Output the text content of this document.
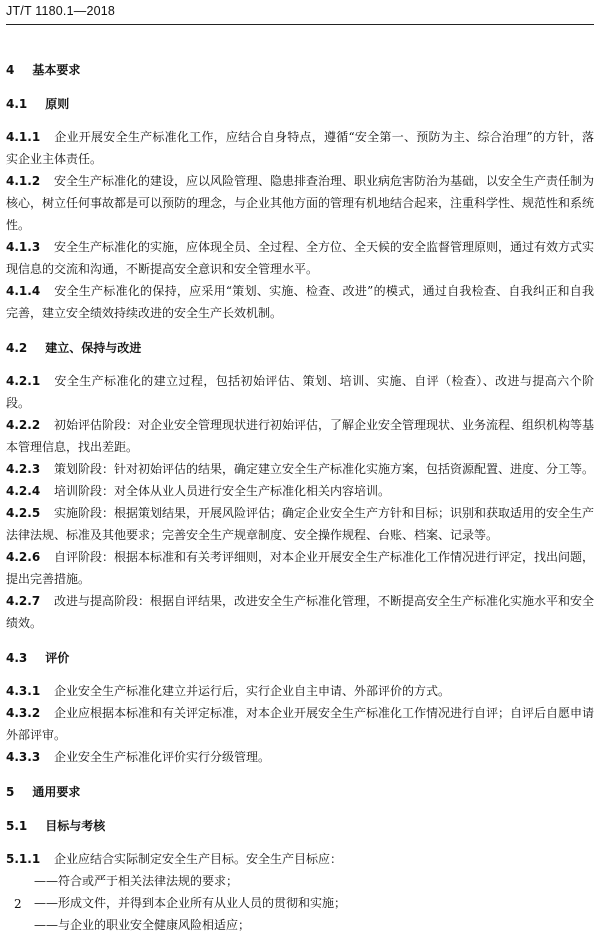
JT/T 1180.1—2018
4 基本要求
4.1 原则

4.1.1 企业开展安全生产标准化工作，应结合自身特点，遵循“安全第一、预防为主、综合治理”的方针，落实企业主体责任。

4.1.2 安全生产标准化的建设，应以风险管理、隐患排查治理、职业病危害防治为基础，以安全生产责任制为核心，树立任何事故都是可以预防的理念，与企业其他方面的管理有机地结合起来，注重科学性、规范性和系统性。

4.1.3 安全生产标准化的实施，应体现全员、全过程、全方位、全天候的安全监督管理原则，通过有效方式实现信息的交流和沟通，不断提高安全意识和安全管理水平。

4.1.4 安全生产标准化的保持，应采用“策划、实施、检查、改进”的模式，通过自我检查、自我纠正和自我完善，建立安全绩效持续改进的安全生产长效机制。

4.2 建立、保持与改进

4.2.1 安全生产标准化的建立过程，包括初始评估、策划、培训、实施、自评（检查）、改进与提高六个阶段。

4.2.2 初始评估阶段：对企业安全管理现状进行初始评估，了解企业安全管理现状、业务流程、组织机构等基本管理信息，找出差距。

4.2.3 策划阶段：针对初始评估的结果，确定建立安全生产标准化实施方案，包括资源配置、进度、分工等。

4.2.4 培训阶段：对全体从业人员进行安全生产标准化相关内容培训。

4.2.5 实施阶段：根据策划结果，开展风险评估；确定企业安全生产方针和目标；识别和获取适用的安全生产法律法规、标准及其他要求；完善安全生产规章制度、安全操作规程、台账、档案、记录等。

4.2.6 自评阶段：根据本标准和有关考评细则，对本企业开展安全生产标准化工作情况进行评定，找出问题，提出完善措施。

4.2.7 改进与提高阶段：根据自评结果，改进安全生产标准化管理，不断提高安全生产标准化实施水平和安全绩效。

4.3 评价

4.3.1 企业安全生产标准化建立并运行后，实行企业自主申请、外部评价的方式。

4.3.2 企业应根据本标准和有关评定标准，对本企业开展安全生产标准化工作情况进行自评；自评后自愿申请外部评审。

4.3.3 企业安全生产标准化评价实行分级管理。

5 通用要求
5.1 目标与考核

5.1.1 企业应结合实际制定安全生产目标。安全生产目标应：

——符合或严于相关法律法规的要求；

——形成文件，并得到本企业所有从业人员的贯彻和实施；

——与企业的职业安全健康风险相适应；

2
